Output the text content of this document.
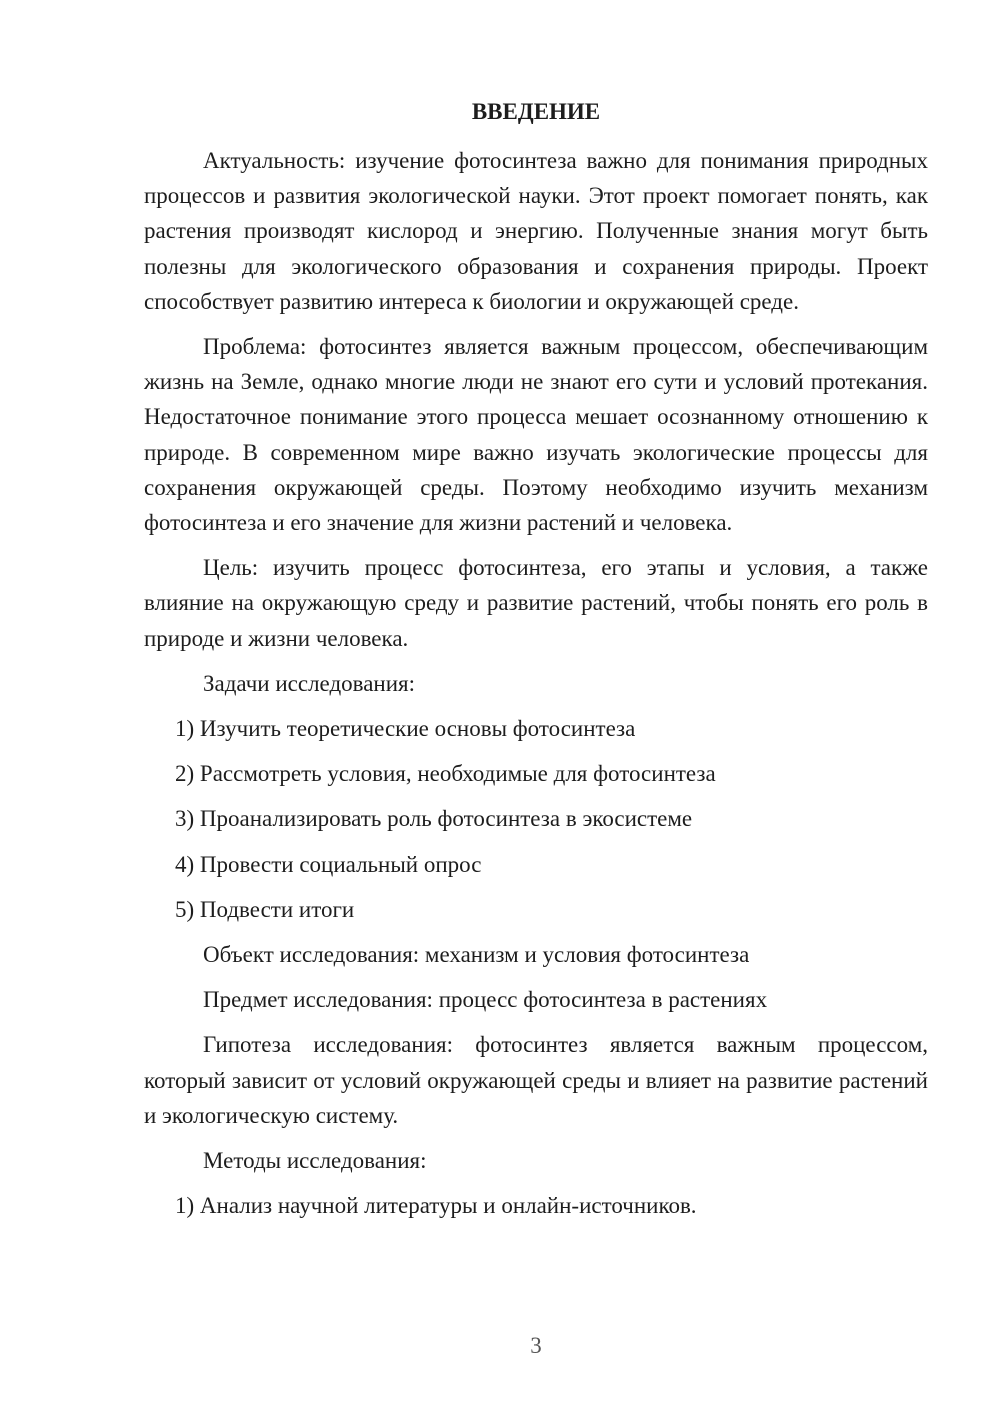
ВВЕДЕНИЕ

Актуальность: изучение фотосинтеза важно для понимания природных процессов и развития экологической науки. Этот проект помогает понять, как растения производят кислород и энергию. Полученные знания могут быть полезны для экологического образования и сохранения природы. Проект способствует развитию интереса к биологии и окружающей среде.

Проблема: фотосинтез является важным процессом, обеспечивающим жизнь на Земле, однако многие люди не знают его сути и условий протекания. Недостаточное понимание этого процесса мешает осознанному отношению к природе. В современном мире важно изучать экологические процессы для сохранения окружающей среды. Поэтому необходимо изучить механизм фотосинтеза и его значение для жизни растений и человека.

Цель: изучить процесс фотосинтеза, его этапы и условия, а также влияние на окружающую среду и развитие растений, чтобы понять его роль в природе и жизни человека.

Задачи исследования:

1) Изучить теоретические основы фотосинтеза

2) Рассмотреть условия, необходимые для фотосинтеза

3) Проанализировать роль фотосинтеза в экосистеме

4) Провести социальный опрос

5) Подвести итоги

Объект исследования: механизм и условия фотосинтеза

Предмет исследования: процесс фотосинтеза в растениях

Гипотеза исследования: фотосинтез является важным процессом, который зависит от условий окружающей среды и влияет на развитие растений и экологическую систему.

Методы исследования:

1) Анализ научной литературы и онлайн-источников.

3
